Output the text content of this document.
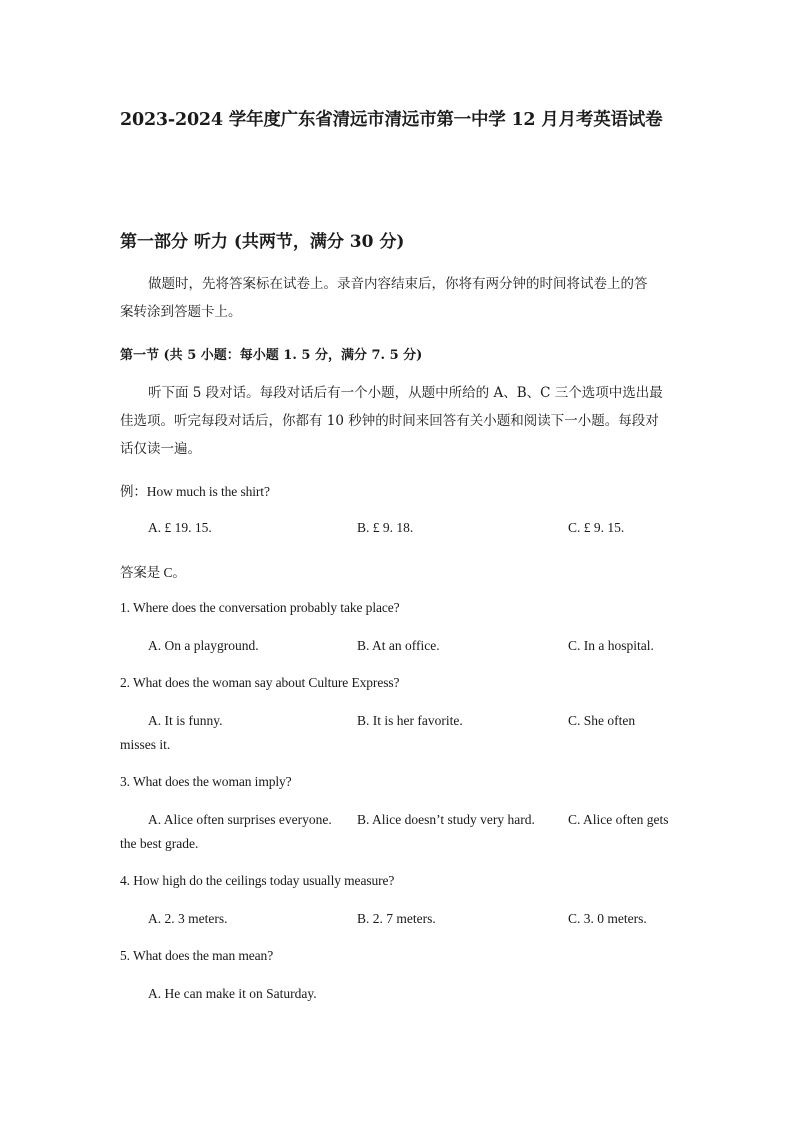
2023-2024 学年度广东省清远市清远市第一中学 12 月月考英语试卷
第一部分 听力 (共两节，满分 30 分)
做题时，先将答案标在试卷上。录音内容结束后，你将有两分钟的时间将试卷上的答
案转涂到答题卡上。
第一节 (共 5 小题：每小题 1. 5 分，满分 7. 5 分)
听下面 5 段对话。每段对话后有一个小题，从题中所给的 A、B、C 三个选项中选出最
佳选项。听完每段对话后，你都有 10 秒钟的时间来回答有关小题和阅读下一小题。每段对
话仅读一遍。
例：How much is the shirt?
A. £ 19. 15.	B. £ 9. 18.	C. £ 9. 15.
答案是 C。
1. Where does the conversation probably take place?
A. On a playground.	B. At an office.	C. In a hospital.
2. What does the woman say about Culture Express?
A. It is funny.	B. It is her favorite.	C. She often
misses it.
3. What does the woman imply?
A. Alice often surprises everyone. B. Alice doesn’t study very hard. C. Alice often gets
the best grade.
4. How high do the ceilings today usually measure?
A. 2. 3 meters.	B. 2. 7 meters.	C. 3. 0 meters.
5. What does the man mean?
A. He can make it on Saturday.
